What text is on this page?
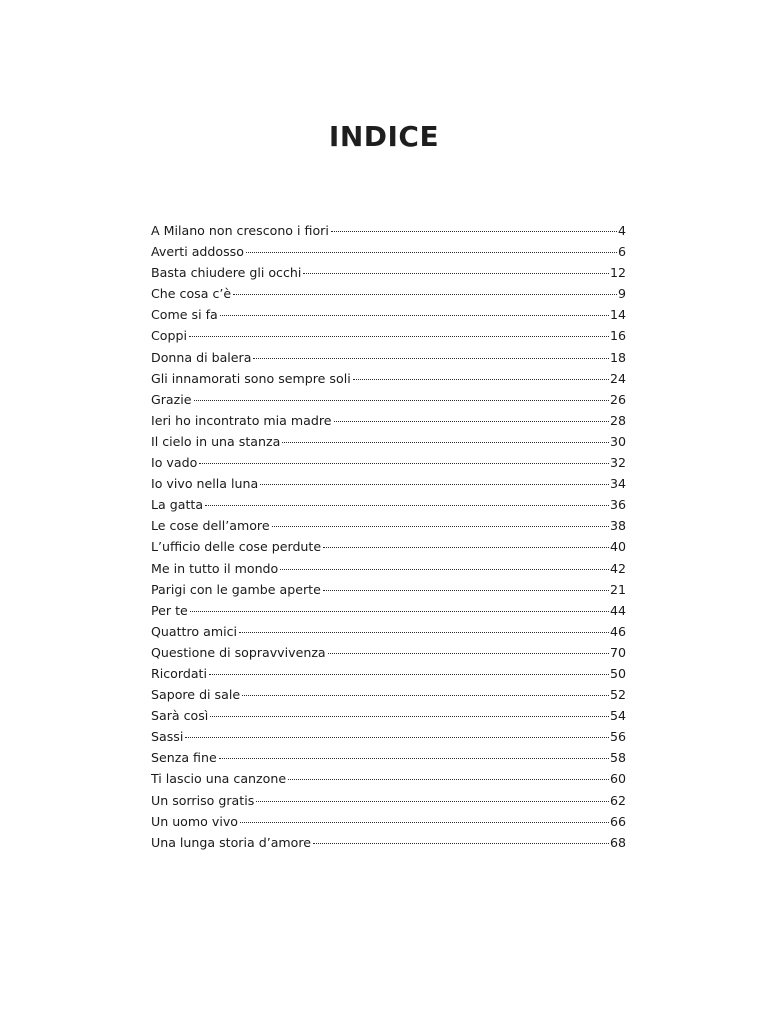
INDICE
A Milano non crescono i fiori	4
Averti addosso	6
Basta chiudere gli occhi	12
Che cosa c’è	9
Come si fa	14
Coppi	16
Donna di balera	18
Gli innamorati sono sempre soli	24
Grazie	26
Ieri ho incontrato mia madre	28
Il cielo in una stanza	30
Io vado	32
Io vivo nella luna	34
La gatta	36
Le cose dell’amore	38
L’ufficio delle cose perdute	40
Me in tutto il mondo	42
Parigi con le gambe aperte	21
Per te	44
Quattro amici	46
Questione di sopravvivenza	70
Ricordati	50
Sapore di sale	52
Sarà così	54
Sassi	56
Senza fine	58
Ti lascio una canzone	60
Un sorriso gratis	62
Un uomo vivo	66
Una lunga storia d’amore	68
